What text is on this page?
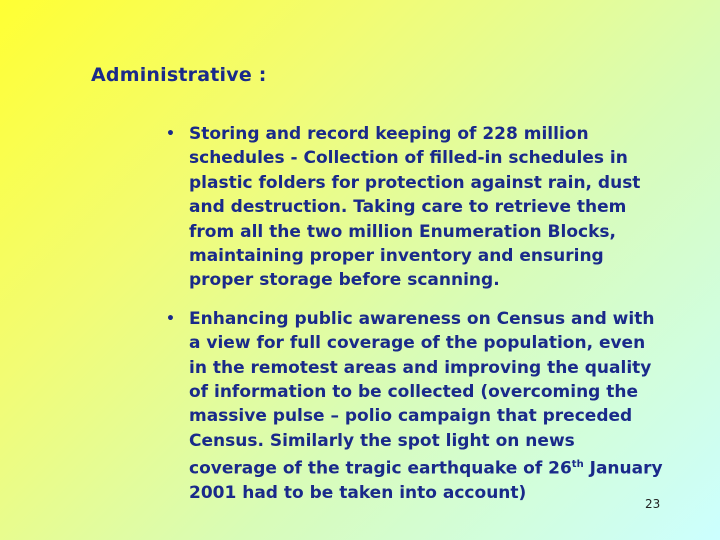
Administrative :
• Storing and record keeping of 228 million schedules - Collection of filled-in schedules in plastic folders for protection against rain, dust and destruction. Taking care to retrieve them from all the two million Enumeration Blocks, maintaining proper inventory and ensuring proper storage before scanning.
• Enhancing public awareness on Census and with a view for full coverage of the population, even in the remotest areas and improving the quality of information to be collected (overcoming the massive pulse – polio campaign that preceded Census. Similarly the spot light on news coverage of the tragic earthquake of 26th January 2001 had to be taken into account)
23
